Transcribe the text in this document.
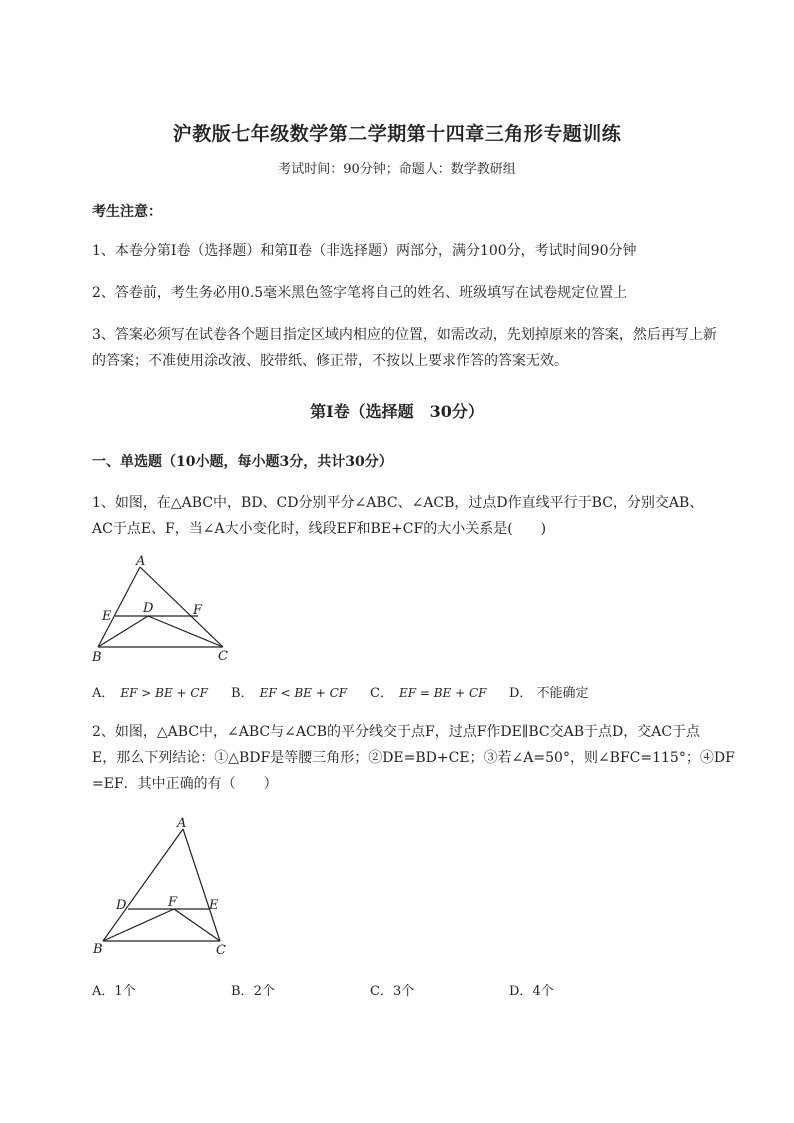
沪教版七年级数学第二学期第十四章三角形专题训练
考试时间：90分钟；命题人：数学教研组
考生注意：
1、本卷分第I卷（选择题）和第Ⅱ卷（非选择题）两部分，满分100分，考试时间90分钟
2、答卷前，考生务必用0.5毫米黑色签字笔将自己的姓名、班级填写在试卷规定位置上
3、答案必须写在试卷各个题目指定区域内相应的位置，如需改动，先划掉原来的答案，然后再写上新
的答案；不准使用涂改液、胶带纸、修正带，不按以上要求作答的答案无效。
第I卷（选择题　30分）
一、单选题（10小题，每小题3分，共计30分）
1、如图，在△ABC中，BD、CD分别平分∠ABC、∠ACB，过点D作直线平行于BC，分别交AB、
AC于点E、F，当∠A大小变化时，线段EF和BE+CF的大小关系是(　　)
A
E
D	F
B	C
A． EF > BE + CF B． EF < BE + CF C． EF = BE + CF D． 不能确定
2、如图，△ABC中，∠ABC与∠ACB的平分线交于点F，过点F作DE∥BC交AB于点D，交AC于点
E，那么下列结论：①△BDF是等腰三角形；②DE=BD+CE；③若∠A=50°，则∠BFC=115°；④DF
=EF．其中正确的有（　　）
A
D	F E
B	C
A．1个	B．2个	C．3个	D．4个
